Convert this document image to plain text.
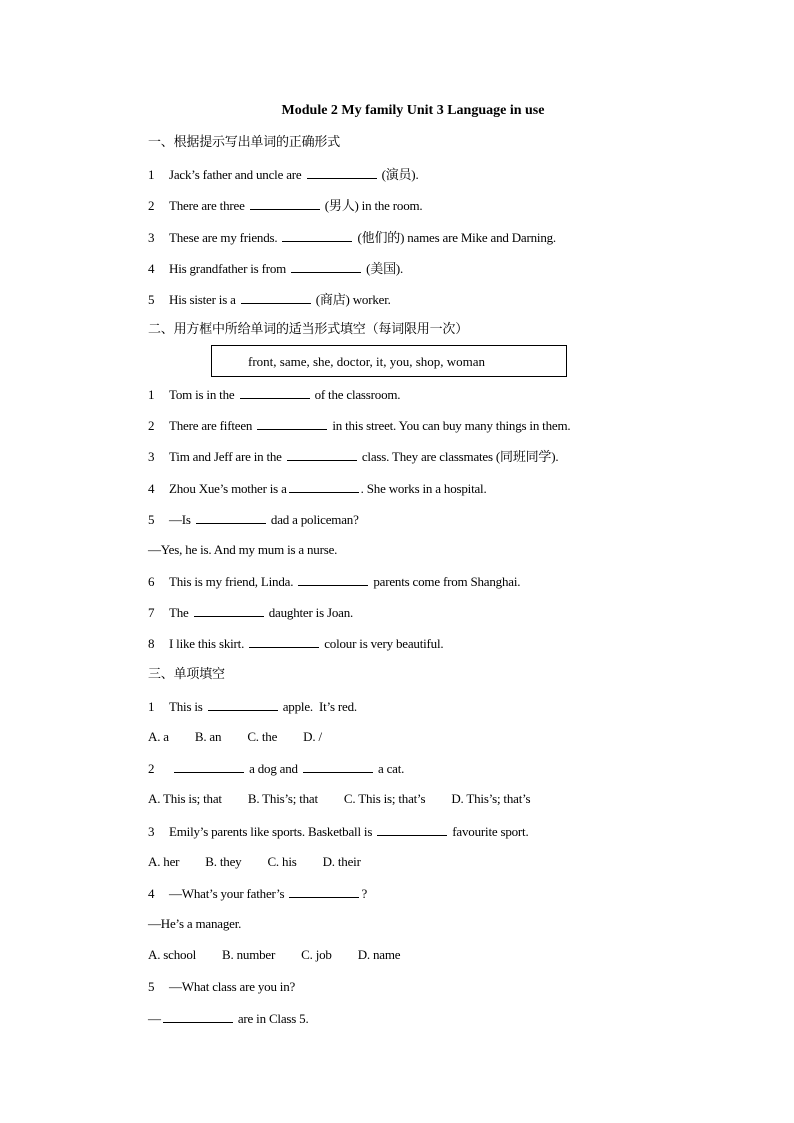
Module 2 My family Unit 3 Language in use
一、根据提示写出单词的正确形式
1 Jack’s father and uncle are	(演员).
2 There are three	(男人) in the room.
3 These are my friends.	(他们的) names are Mike and Darning.
4 His grandfather is from	(美国).
5 His sister is a	(商店) worker.
二、用方框中所给单词的适当形式填空（每词限用一次）
front, same, she, doctor, it, you, shop, woman
1 Tom is in the	of the classroom.
2 There are fifteen	in this street. You can buy many things in them.
3 Tim and Jeff are in the	class. They are classmates (同班同学).
4 Zhou Xue’s mother is a	. She works in a hospital.
5 —Is	dad a policeman?
—Yes, he is. And my mum is a nurse.
6 This is my friend, Linda.	parents come from Shanghai.
7 The	daughter is Joan.
8 I like this skirt.	colour is very beautiful.
三、单项填空
1 This is	apple.  It’s red.
A. a B. an C. the D. /
2	a dog and	a cat.
A. This is; that B. This’s; that C. This is; that’s D. This’s; that’s
3 Emily’s parents like sports. Basketball is	favourite sport.
A. her B. they C. his D. their
4 —What’s your father’s	?
—He’s a manager.
A. school B. number C. job D. name
5 —What class are you in?
—	are in Class 5.
